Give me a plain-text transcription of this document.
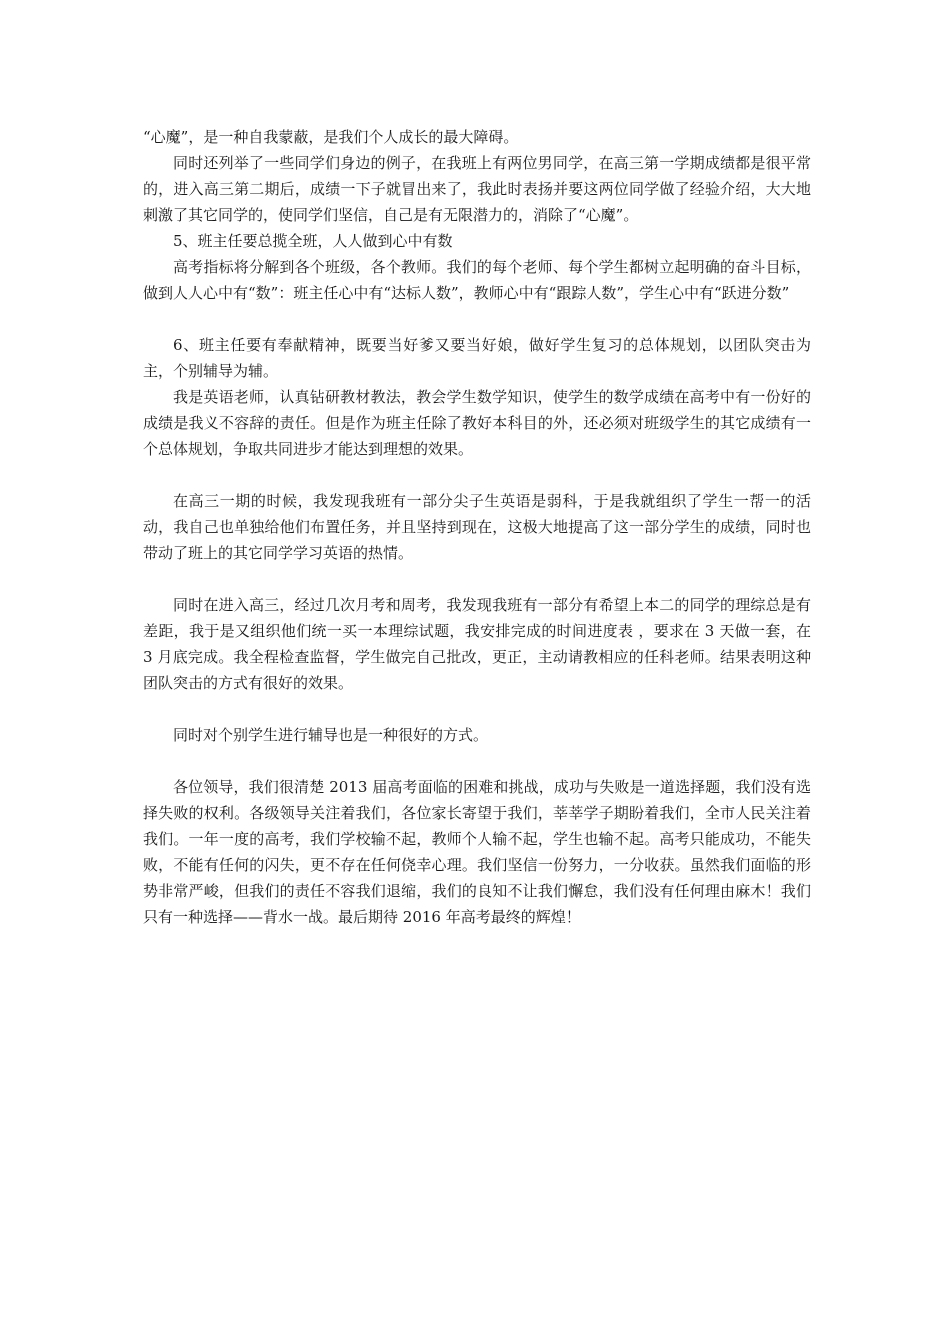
“心魔”，是一种自我蒙蔽，是我们个人成长的最大障碍。

同时还列举了一些同学们身边的例子，在我班上有两位男同学，在高三第一学期成绩都是很平常的，进入高三第二期后，成绩一下子就冒出来了，我此时表扬并要这两位同学做了经验介绍，大大地刺激了其它同学的，使同学们坚信，自己是有无限潜力的，消除了“心魔”。

5、班主任要总揽全班，人人做到心中有数

高考指标将分解到各个班级，各个教师。我们的每个老师、每个学生都树立起明确的奋斗目标，做到人人心中有“数”：班主任心中有“达标人数”，教师心中有“跟踪人数”，学生心中有“跃进分数”

6、班主任要有奉献精神，既要当好爹又要当好娘，做好学生复习的总体规划，以团队突击为主，个别辅导为辅。

我是英语老师，认真钻研教材教法，教会学生数学知识，使学生的数学成绩在高考中有一份好的成绩是我义不容辞的责任。但是作为班主任除了教好本科目的外，还必须对班级学生的其它成绩有一个总体规划，争取共同进步才能达到理想的效果。

在高三一期的时候，我发现我班有一部分尖子生英语是弱科，于是我就组织了学生一帮一的活动，我自己也单独给他们布置任务，并且坚持到现在，这极大地提高了这一部分学生的成绩，同时也带动了班上的其它同学学习英语的热情。

同时在进入高三，经过几次月考和周考，我发现我班有一部分有希望上本二的同学的理综总是有差距，我于是又组织他们统一买一本理综试题，我安排完成的时间进度表 ，要求在 3 天做一套，在 3 月底完成。我全程检查监督，学生做完自己批改，更正，主动请教相应的任科老师。结果表明这种团队突击的方式有很好的效果。

同时对个别学生进行辅导也是一种很好的方式。

各位领导，我们很清楚 2013 届高考面临的困难和挑战，成功与失败是一道选择题，我们没有选择失败的权利。各级领导关注着我们，各位家长寄望于我们，莘莘学子期盼着我们，全市人民关注着我们。一年一度的高考，我们学校输不起，教师个人输不起，学生也输不起。高考只能成功，不能失败，不能有任何的闪失，更不存在任何侥幸心理。我们坚信一份努力，一分收获。虽然我们面临的形势非常严峻，但我们的责任不容我们退缩，我们的良知不让我们懈怠，我们没有任何理由麻木！我们只有一种选择——背水一战。最后期待 2016 年高考最终的辉煌！
